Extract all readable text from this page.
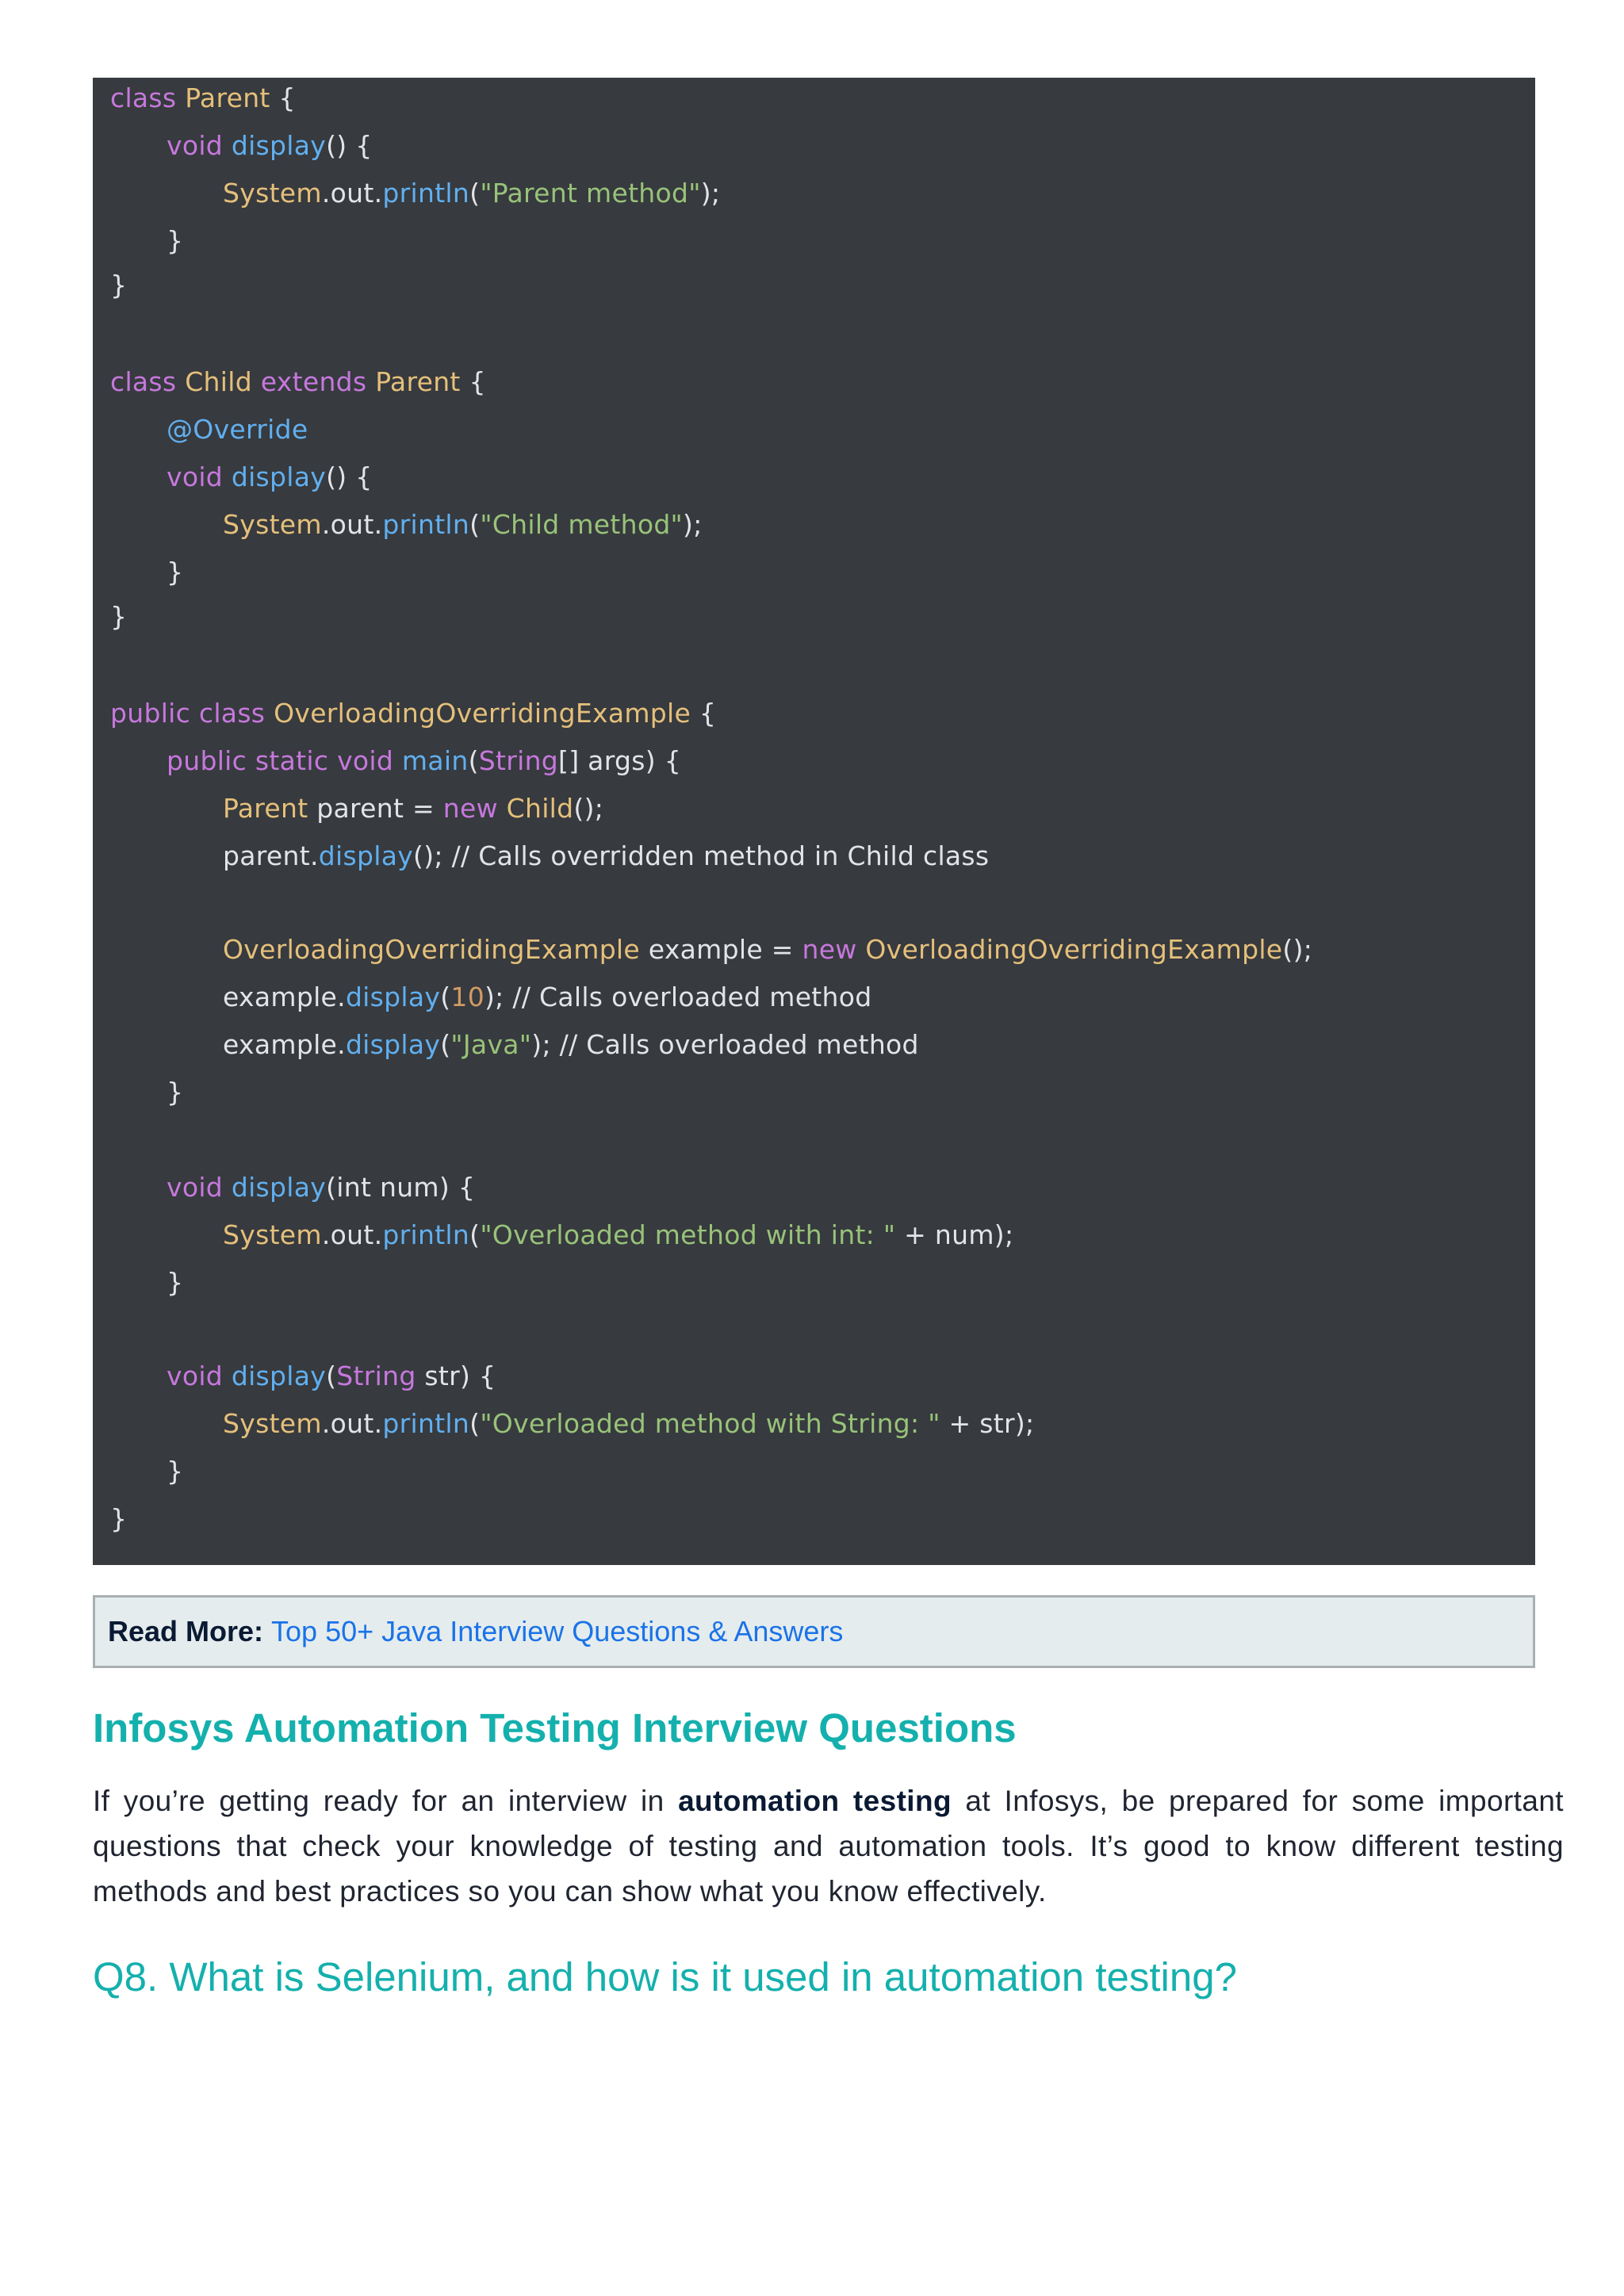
class Parent {
void display() {
System.out.println("Parent method");
}
}
class Child extends Parent {
@Override
void display() {
System.out.println("Child method");
}
}
public class OverloadingOverridingExample {
public static void main(String[] args) {
Parent parent = new Child();
parent.display(); // Calls overridden method in Child class
OverloadingOverridingExample example = new OverloadingOverridingExample();
example.display(10); // Calls overloaded method
example.display("Java"); // Calls overloaded method
}
void display(int num) {
System.out.println("Overloaded method with int: " + num);
}
void display(String str) {
System.out.println("Overloaded method with String: " + str);
}
}
Read More: Top 50+ Java Interview Questions & Answers
Infosys Automation Testing Interview Questions

If you’re getting ready for an interview in automation testing at Infosys, be prepared for some important questions that check your knowledge of testing and automation tools. It’s good to know different testing methods and best practices so you can show what you know effectively.

Q8. What is Selenium, and how is it used in automation testing?
